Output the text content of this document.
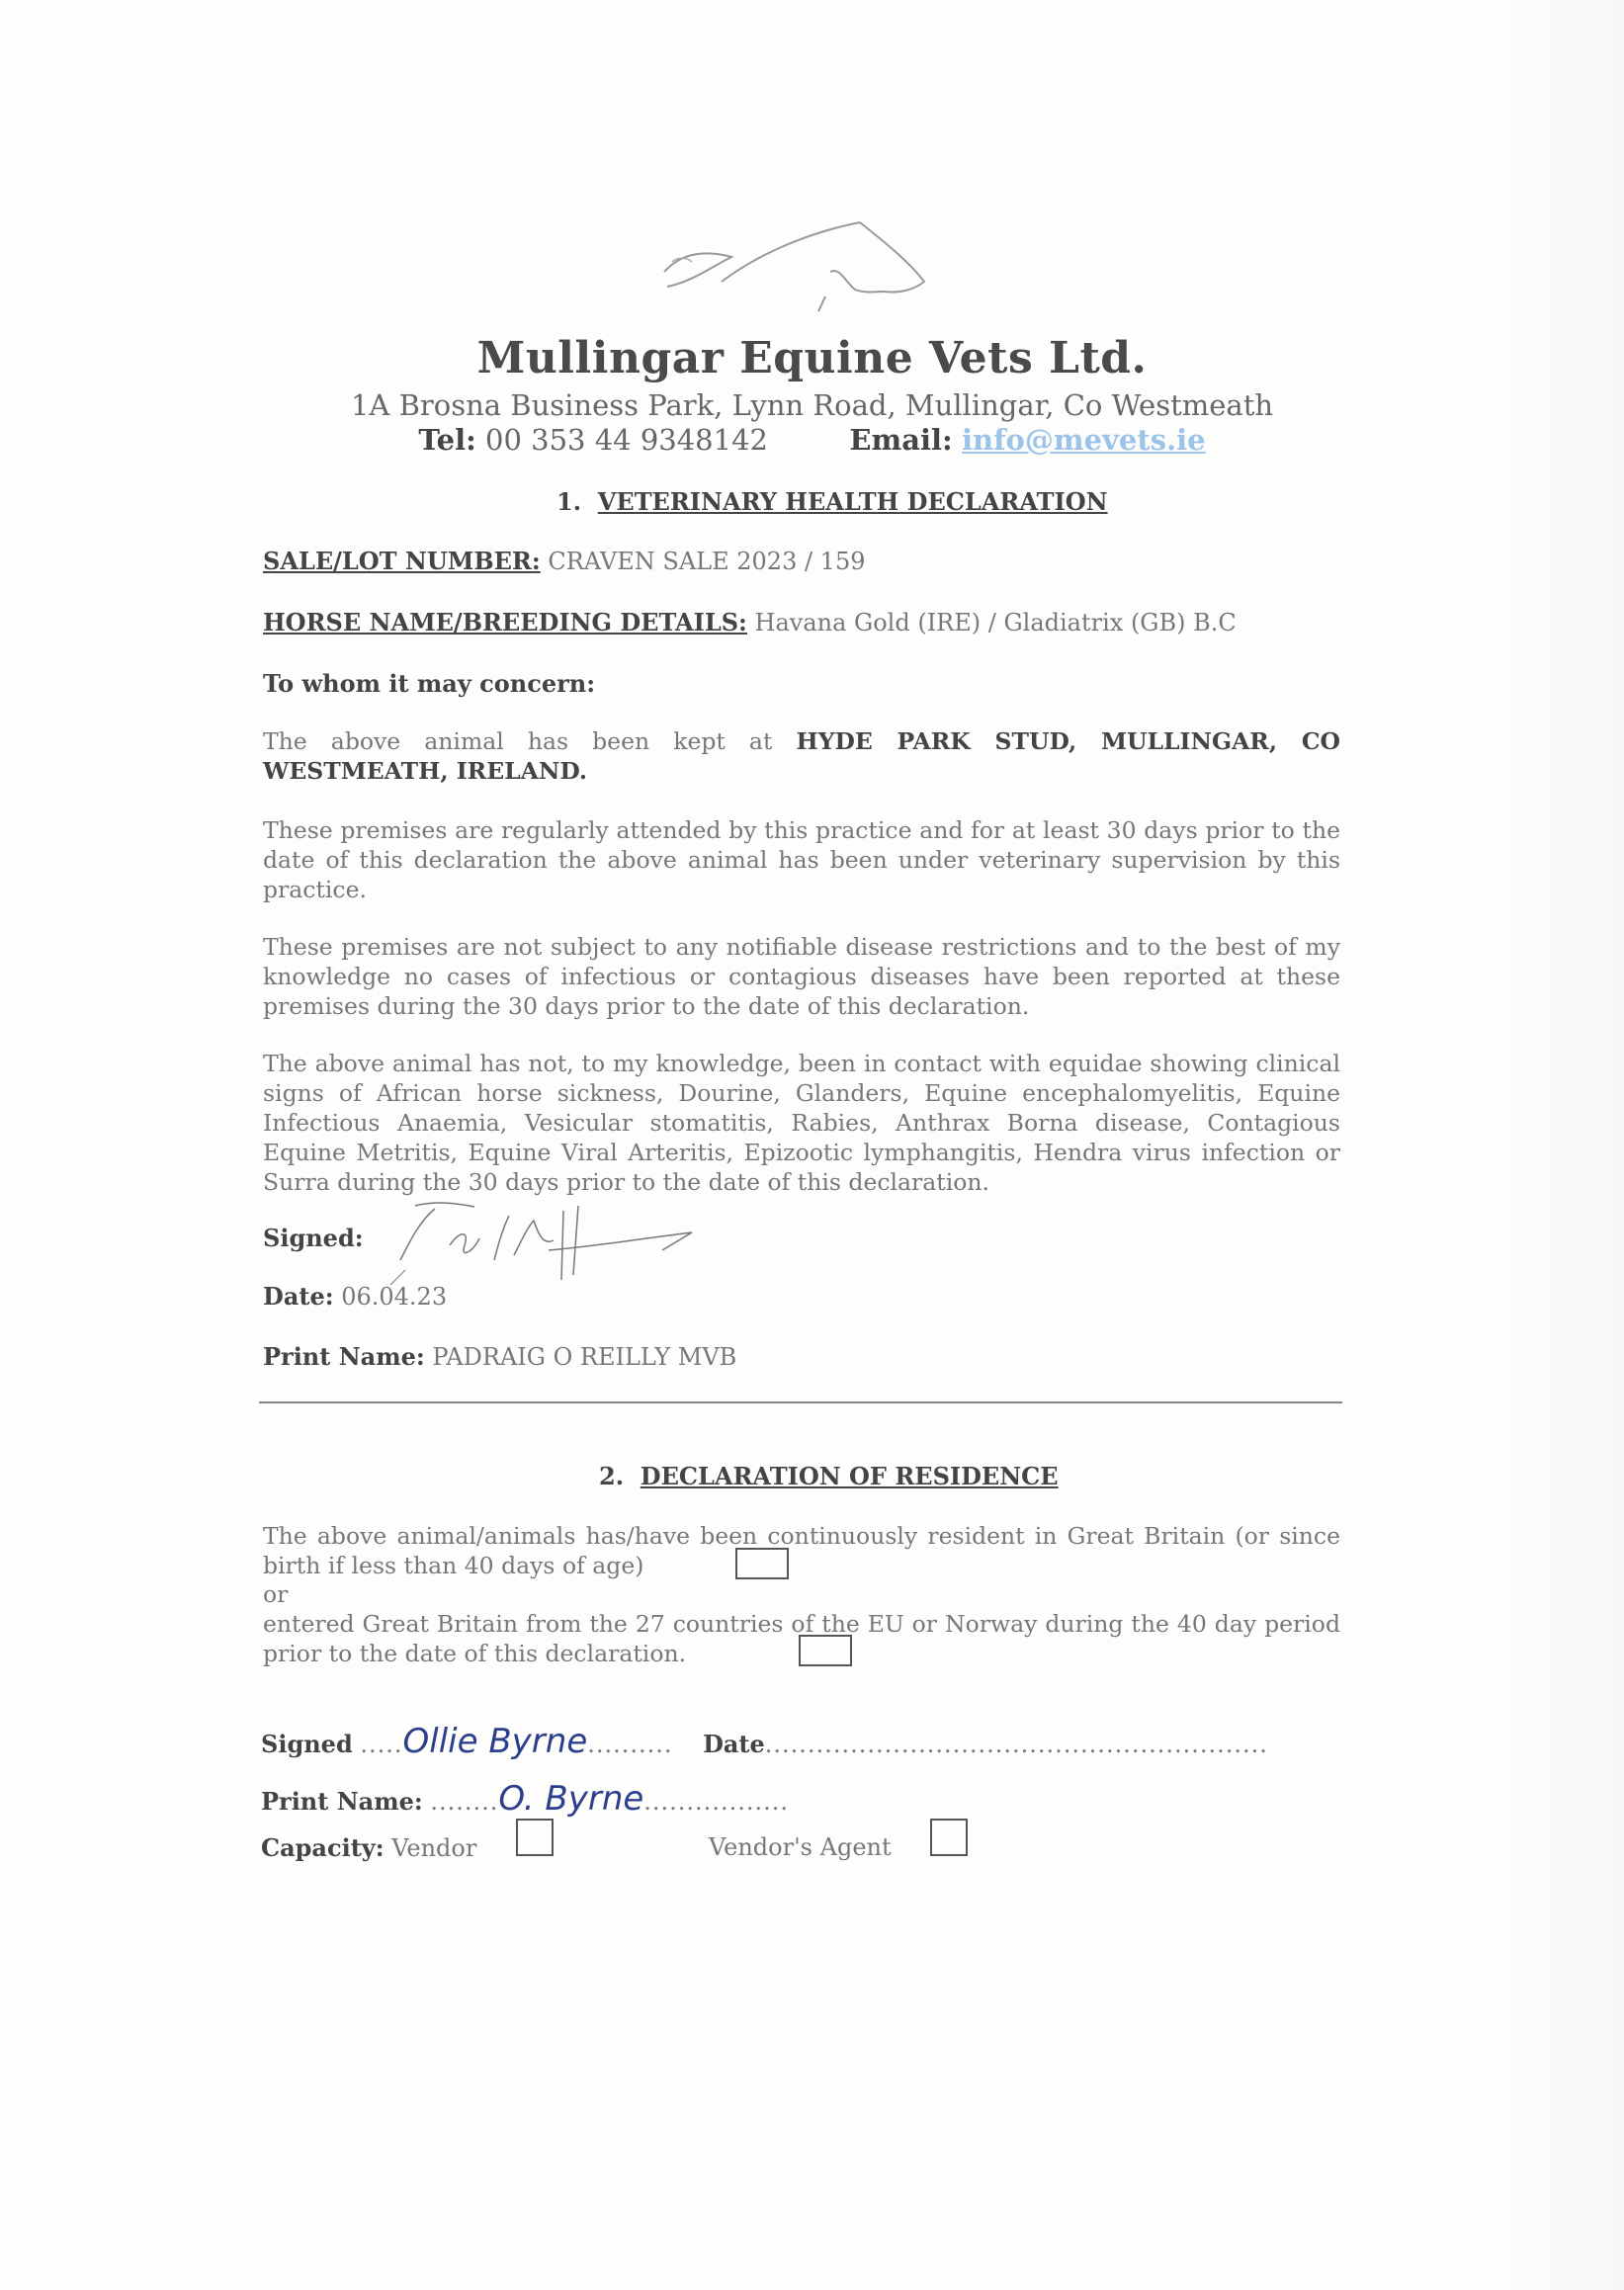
Mullingar Equine Vets Ltd.
1A Brosna Business Park, Lynn Road, Mullingar, Co Westmeath
Tel: 00 353 44 9348142	Email: info@mevets.ie
1. VETERINARY HEALTH DECLARATION
SALE/LOT NUMBER: CRAVEN SALE 2023 / 159
HORSE NAME/BREEDING DETAILS: Havana Gold (IRE) / Gladiatrix (GB) B.C
To whom it may concern:
The above animal has been kept at HYDE PARK STUD, MULLINGAR, CO WESTMEATH, IRELAND.
These premises are regularly attended by this practice and for at least 30 days prior to the date of this declaration the above animal has been under veterinary supervision by this practice.
These premises are not subject to any notifiable disease restrictions and to the best of my knowledge no cases of infectious or contagious diseases have been reported at these premises during the 30 days prior to the date of this declaration.
The above animal has not, to my knowledge, been in contact with equidae showing clinical signs of African horse sickness, Dourine, Glanders, Equine encephalomyelitis, Equine Infectious Anaemia, Vesicular stomatitis, Rabies, Anthrax Borna disease, Contagious Equine Metritis, Equine Viral Arteritis, Epizootic lymphangitis, Hendra virus infection or Surra during the 30 days prior to the date of this declaration.
Signed:
Date: 06.04.23
Print Name: PADRAIG O REILLY MVB
2. DECLARATION OF RESIDENCE
The above animal/animals has/have been continuously resident in Great Britain (or since birth if less than 40 days of age)
or
entered Great Britain from the 27 countries of the EU or Norway during the 40 day period prior to the date of this declaration.
Signed .....Ollie Byrne.......... Date...........................................................
Print Name: ........O. Byrne.................
Capacity: Vendor	Vendor's Agent
